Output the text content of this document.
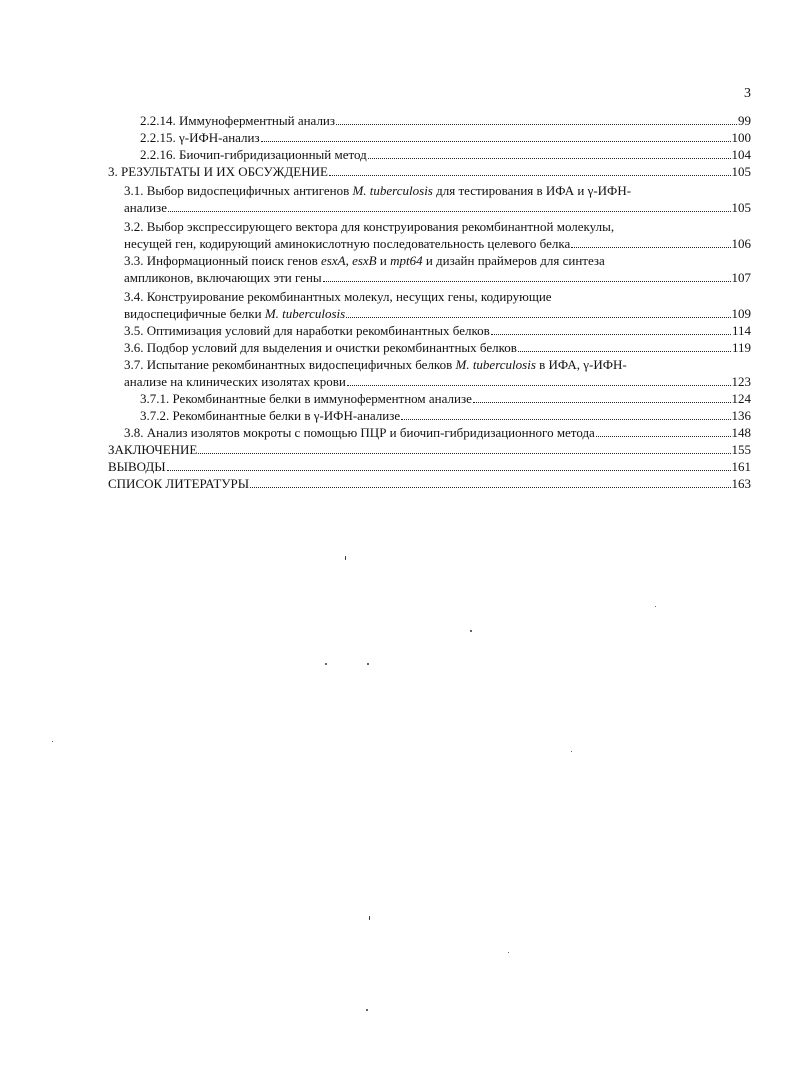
3
2.2.14. Иммуноферментный анализ	99
2.2.15. γ-ИФН-анализ	100
2.2.16. Биочип-гибридизационный метод	104
3. РЕЗУЛЬТАТЫ И ИХ ОБСУЖДЕНИЕ	105
3.1. Выбор видоспецифичных антигенов M. tuberculosis для тестирования в ИФА и γ-ИФН-
анализе	105
3.2. Выбор экспрессирующего вектора для конструирования рекомбинантной молекулы,
несущей ген, кодирующий аминокислотную последовательность целевого белка	106
3.3. Информационный поиск генов esxA, esxB и mpt64 и дизайн праймеров для синтеза
ампликонов, включающих эти гены	107
3.4. Конструирование рекомбинантных молекул, несущих гены, кодирующие
видоспецифичные белки M. tuberculosis	109
3.5. Оптимизация условий для наработки рекомбинантных белков	114
3.6. Подбор условий для выделения и очистки рекомбинантных белков	119
3.7. Испытание рекомбинантных видоспецифичных белков M. tuberculosis в ИФА, γ-ИФН-
анализе на клинических изолятах крови	123
3.7.1. Рекомбинантные белки в иммуноферментном анализе	124
3.7.2. Рекомбинантные белки в γ-ИФН-анализе	136
3.8. Анализ изолятов мокроты с помощью ПЦР и биочип-гибридизационного метода	148
ЗАКЛЮЧЕНИЕ	155
ВЫВОДЫ	161
СПИСОК ЛИТЕРАТУРЫ	163
